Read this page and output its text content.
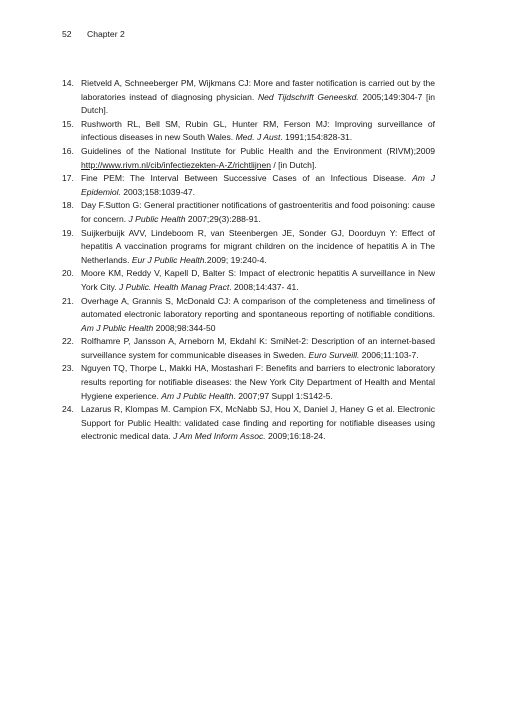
52 Chapter 2
14. Rietveld A, Schneeberger PM, Wijkmans CJ: More and faster notification is carried out by the laboratories instead of diagnosing physician. Ned Tijdschrift Geneeskd. 2005;149:304-7 [in Dutch].
15. Rushworth RL, Bell SM, Rubin GL, Hunter RM, Ferson MJ: Improving surveillance of infectious diseases in new South Wales. Med. J Aust. 1991;154:828-31.
16. Guidelines of the National Institute for Public Health and the Environment (RIVM);2009 http://www.rivm.nl/cib/infectiezekten-A-Z/richtlijnen / [in Dutch].
17. Fine PEM: The Interval Between Successive Cases of an Infectious Disease. Am J Epidemiol. 2003;158:1039-47.
18. Day F.Sutton G: General practitioner notifications of gastroenteritis and food poisoning: cause for concern. J Public Health 2007;29(3):288-91.
19. Suijkerbuijk AVV, Lindeboom R, van Steenbergen JE, Sonder GJ, Doorduyn Y: Effect of hepatitis A vaccination programs for migrant children on the incidence of hepatitis A in The Netherlands. Eur J Public Health.2009; 19:240-4.
20. Moore KM, Reddy V, Kapell D, Balter S: Impact of electronic hepatitis A surveillance in New York City. J Public. Health Manag Pract. 2008;14:437- 41.
21. Overhage A, Grannis S, McDonald CJ: A comparison of the completeness and timeliness of automated electronic laboratory reporting and spontaneous reporting of notifiable conditions. Am J Public Health 2008;98:344-50
22. Rolfhamre P, Jansson A, Arneborn M, Ekdahl K: SmiNet-2: Description of an internet-based surveillance system for communicable diseases in Sweden. Euro Surveill. 2006;11:103-7.
23. Nguyen TQ, Thorpe L, Makki HA, Mostashari F: Benefits and barriers to electronic laboratory results reporting for notifiable diseases: the New York City Department of Health and Mental Hygiene experience. Am J Public Health. 2007;97 Suppl 1:S142-5.
24. Lazarus R, Klompas M. Campion FX, McNabb SJ, Hou X, Daniel J, Haney G et al. Electronic Support for Public Health: validated case finding and reporting for notifiable diseases using electronic medical data. J Am Med Inform Assoc. 2009;16:18-24.
